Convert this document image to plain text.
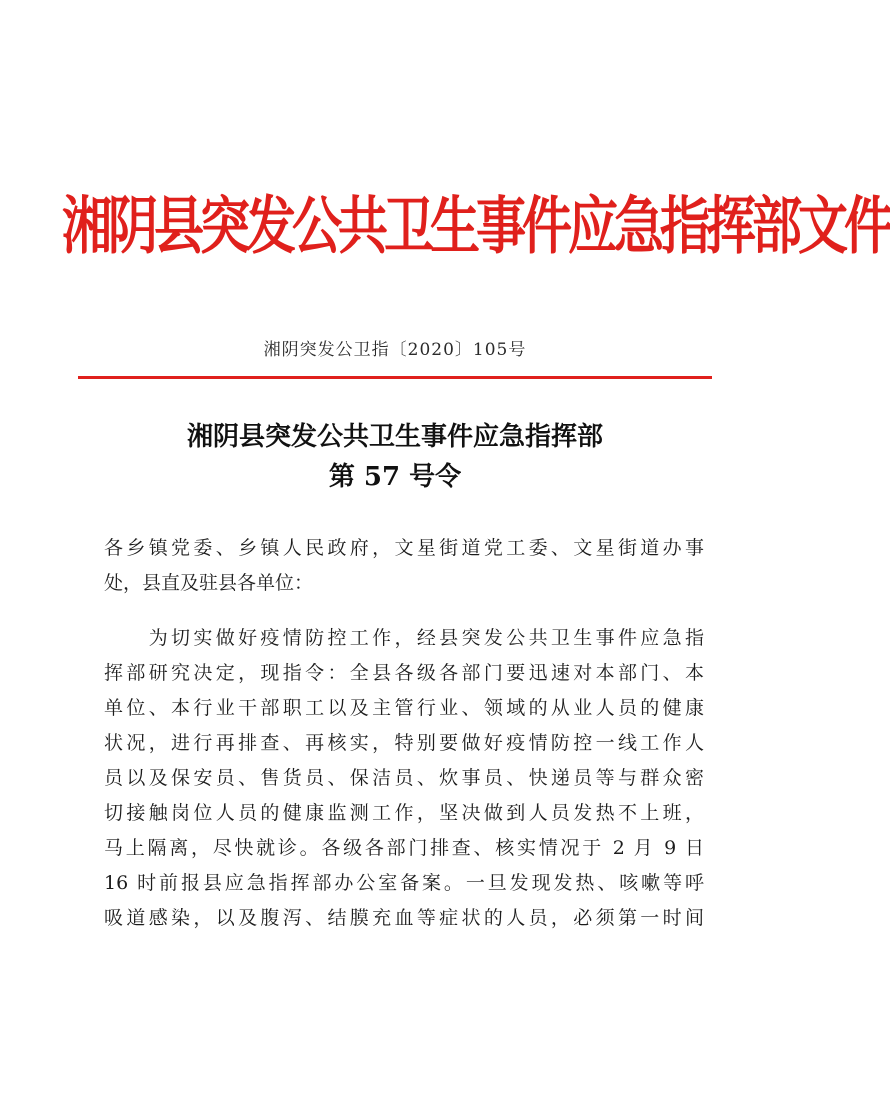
湘阴县突发公共卫生事件应急指挥部文件
湘阴突发公卫指〔2020〕105号
湘阴县突发公共卫生事件应急指挥部
第 57 号令
各乡镇党委、乡镇人民政府，文星街道党工委、文星街道办事
处，县直及驻县各单位：
　　为切实做好疫情防控工作，经县突发公共卫生事件应急指
挥部研究决定，现指令：全县各级各部门要迅速对本部门、本
单位、本行业干部职工以及主管行业、领域的从业人员的健康
状况，进行再排查、再核实，特别要做好疫情防控一线工作人
员以及保安员、售货员、保洁员、炊事员、快递员等与群众密
切接触岗位人员的健康监测工作，坚决做到人员发热不上班，
马上隔离，尽快就诊。各级各部门排查、核实情况于 2 月 9 日
16 时前报县应急指挥部办公室备案。一旦发现发热、咳嗽等呼
吸道感染，以及腹泻、结膜充血等症状的人员，必须第一时间
